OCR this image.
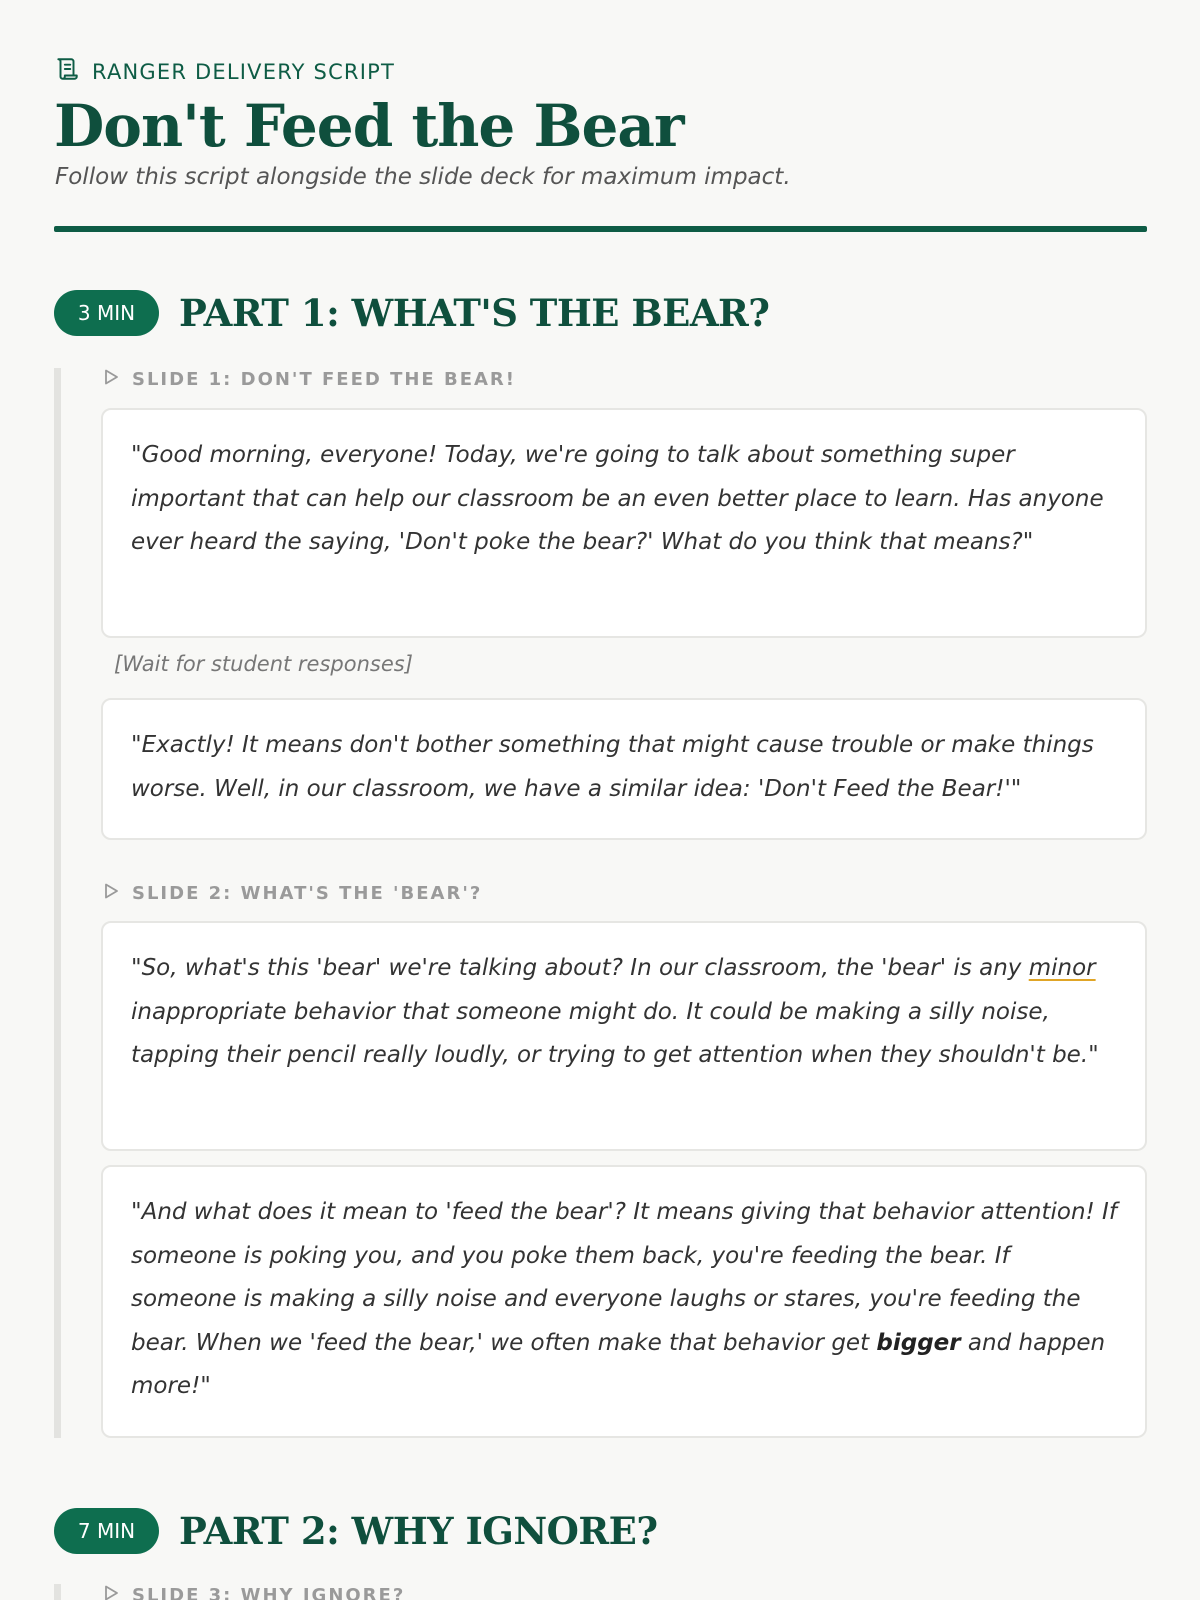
RANGER DELIVERY SCRIPT
Don't Feed the Bear

Follow this script alongside the slide deck for maximum impact.

3 MIN	PART 1: WHAT'S THE BEAR?
SLIDE 1: DON'T FEED THE BEAR!
"Good morning, everyone! Today, we're going to talk about something super important that can help our classroom be an even better place to learn. Has anyone ever heard the saying, 'Don't poke the bear?' What do you think that means?"
[Wait for student responses]
"Exactly! It means don't bother something that might cause trouble or make things worse. Well, in our classroom, we have a similar idea: 'Don't Feed the Bear!'"
SLIDE 2: WHAT'S THE 'BEAR'?
"So, what's this 'bear' we're talking about? In our classroom, the 'bear' is any minor inappropriate behavior that someone might do. It could be making a silly noise, tapping their pencil really loudly, or trying to get attention when they shouldn't be."
"And what does it mean to 'feed the bear'? It means giving that behavior attention! If someone is poking you, and you poke them back, you're feeding the bear. If someone is making a silly noise and everyone laughs or stares, you're feeding the bear. When we 'feed the bear,' we often make that behavior get bigger and happen more!"
7 MIN	PART 2: WHY IGNORE?
SLIDE 3: WHY IGNORE?
